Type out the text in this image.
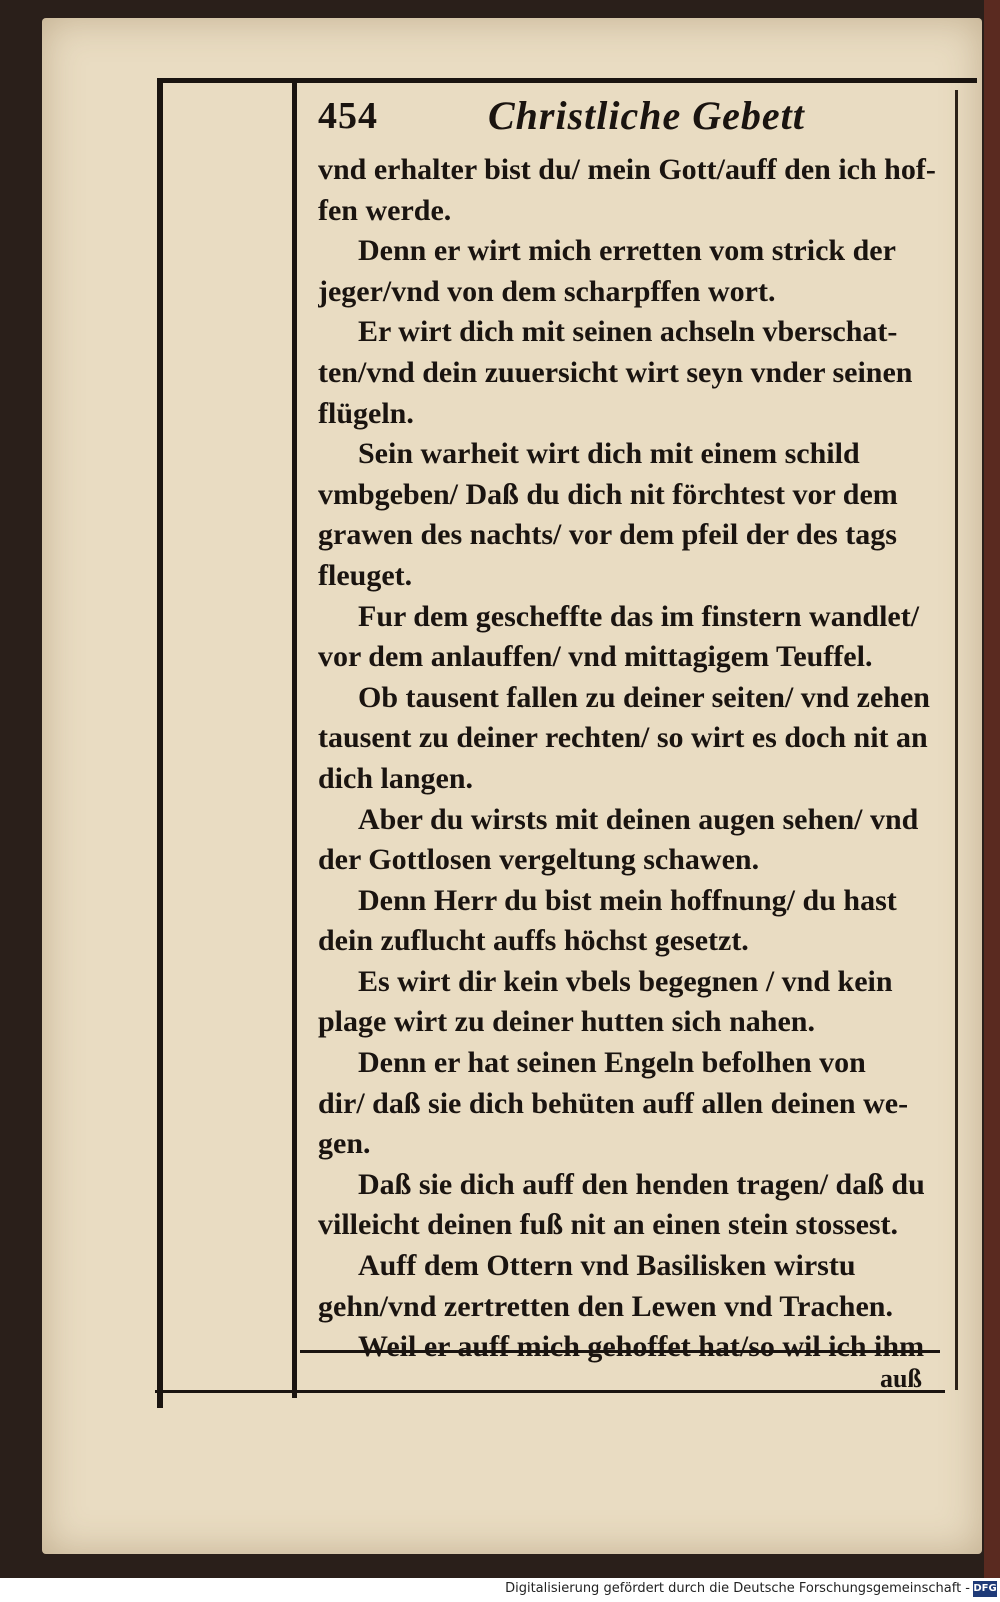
454	Christliche Gebett
vnd erhalter bist du/ mein Gott/auff den ich hof-
fen werde.
Denn er wirt mich erretten vom strick der
jeger/vnd von dem scharpffen wort.
Er wirt dich mit seinen achseln vberschat-
ten/vnd dein zuuersicht wirt seyn vnder seinen
flügeln.
Sein warheit wirt dich mit einem schild
vmbgeben/ Daß du dich nit förchtest vor dem
grawen des nachts/ vor dem pfeil der des tags
fleuget.
Fur dem gescheffte das im finstern wandlet/
vor dem anlauffen/ vnd mittagigem Teuffel.
Ob tausent fallen zu deiner seiten/ vnd zehen
tausent zu deiner rechten/ so wirt es doch nit an
dich langen.
Aber du wirsts mit deinen augen sehen/ vnd
der Gottlosen vergeltung schawen.
Denn Herr du bist mein hoffnung/ du hast
dein zuflucht auffs höchst gesetzt.
Es wirt dir kein vbels begegnen / vnd kein
plage wirt zu deiner hutten sich nahen.
Denn er hat seinen Engeln befolhen von
dir/ daß sie dich behüten auff allen deinen we-
gen.
Daß sie dich auff den henden tragen/ daß du
villeicht deinen fuß nit an einen stein stossest.
Auff dem Ottern vnd Basilisken wirstu
gehn/vnd zertretten den Lewen vnd Trachen.
Weil er auff mich gehoffet hat/so wil ich ihm
auß
Digitalisierung gefördert durch die Deutsche Forschungsgemeinschaft - DFG
